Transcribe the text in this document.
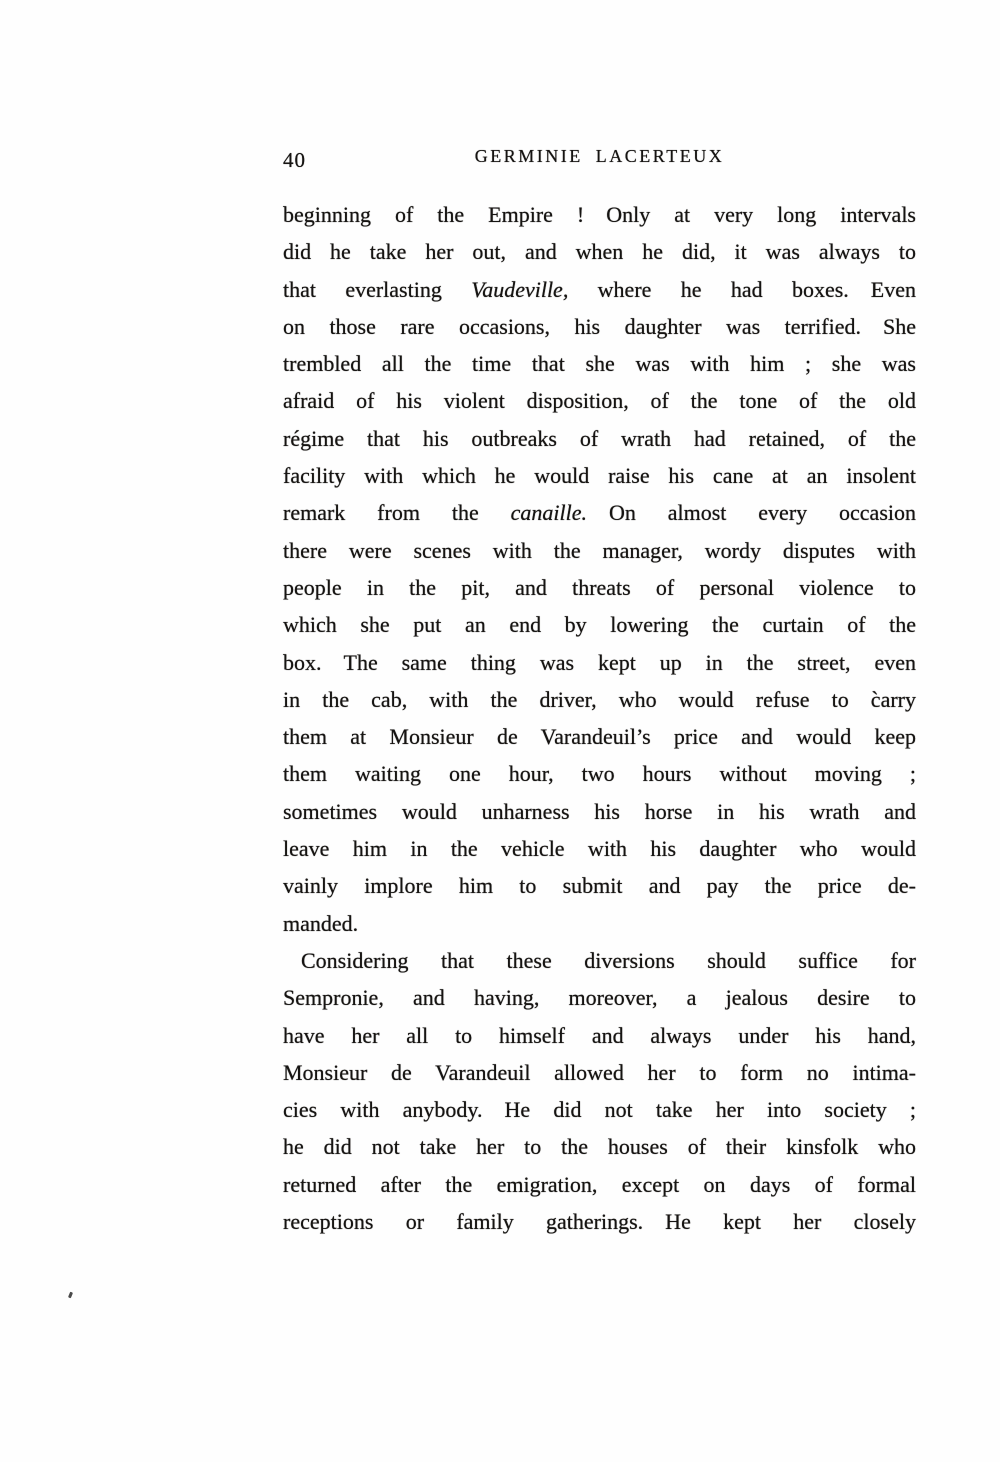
40	GERMINIE LACERTEUX
beginning of the Empire ! Only at very long intervals
did he take her out, and when he did, it was always to
that everlasting Vaudeville, where he had boxes. Even
on those rare occasions, his daughter was terrified. She
trembled all the time that she was with him ; she was
afraid of his violent disposition, of the tone of the old
régime that his outbreaks of wrath had retained, of the
facility with which he would raise his cane at an insolent
remark from the canaille. On almost every occasion
there were scenes with the manager, wordy disputes with
people in the pit, and threats of personal violence to
which she put an end by lowering the curtain of the
box. The same thing was kept up in the street, even
in the cab, with the driver, who would refuse to c̀arry
them at Monsieur de Varandeuil’s price and would keep
them waiting one hour, two hours without moving ;
sometimes would unharness his horse in his wrath and
leave him in the vehicle with his daughter who would
vainly implore him to submit and pay the price de-
manded.
Considering that these diversions should suffice for
Sempronie, and having, moreover, a jealous desire to
have her all to himself and always under his hand,
Monsieur de Varandeuil allowed her to form no intima-
cies with anybody. He did not take her into society ;
he did not take her to the houses of their kinsfolk who
returned after the emigration, except on days of formal
receptions or family gatherings. He kept her closely
